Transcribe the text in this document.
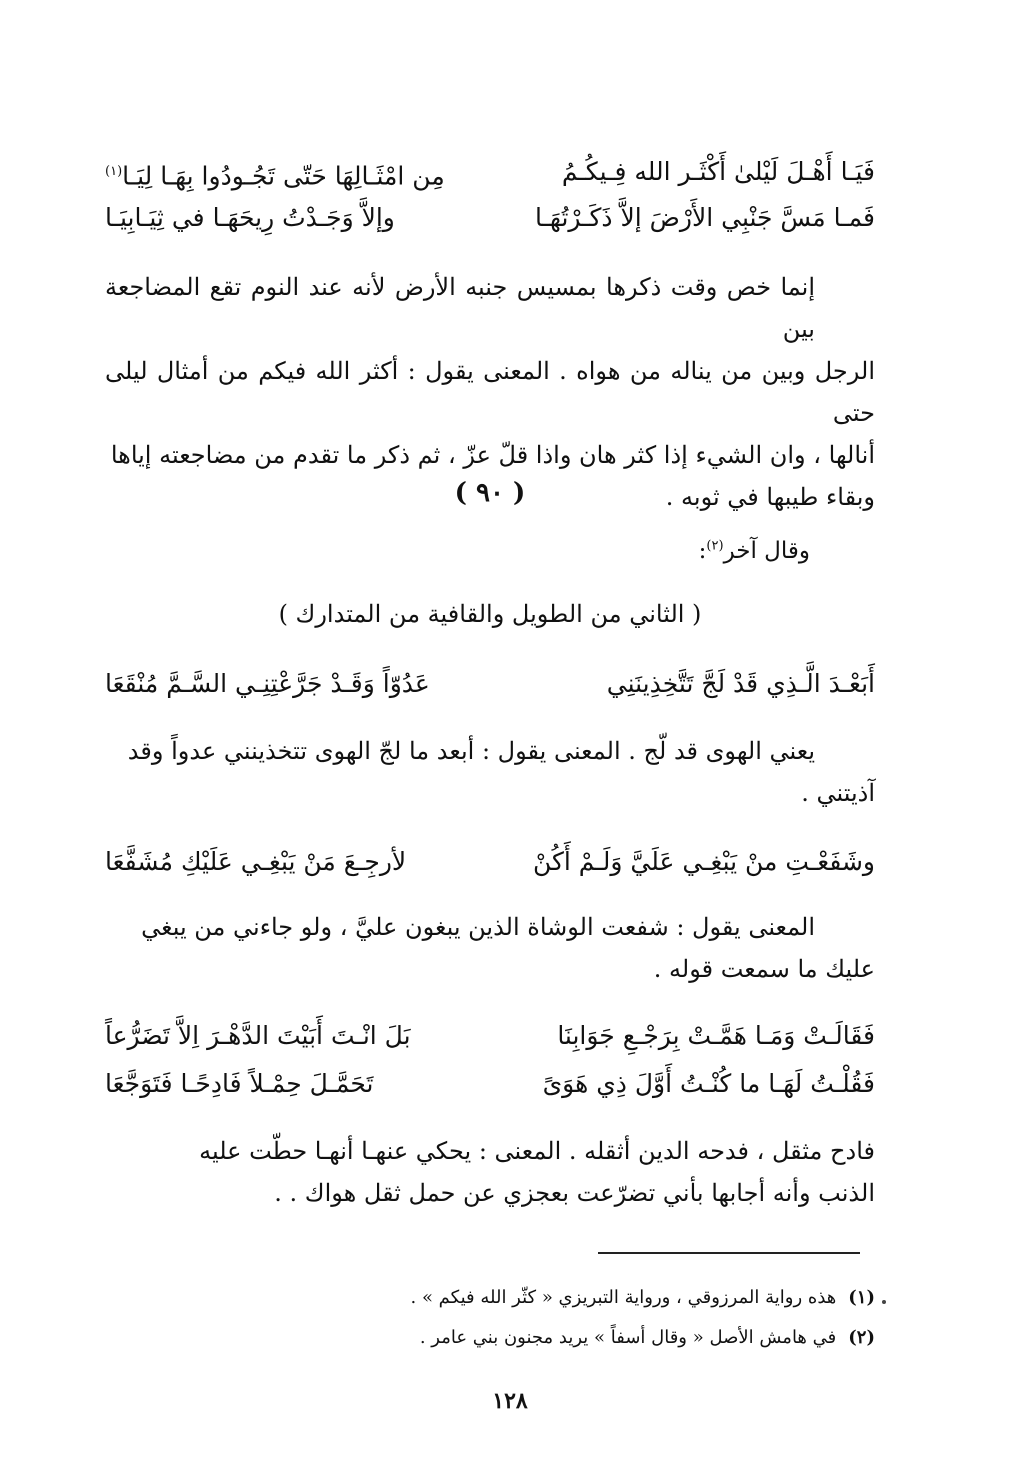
فَيَـا أَهْـلَ لَيْلىٰ أَكْثَـر الله فِـيكُـمُ
مِن امْثَـالِهَا حَتّى تَجُـودُوا بِهَـا لِيَـا$^{(١)}$
فَمـا مَسَّ جَنْبِي الأَرْضَ إلاَّ ذَكَـرْتُهَـا
وإلاَّ وَجَـدْتُ رِيحَهَـا في ثِيَـابِيَـا

إنما خص وقت ذكرها بمسيس جنبه الأرض لأنه عند النوم تقع المضاجعة بين

الرجل وبين من يناله من هواه . المعنى يقول : أكثر الله فيكم من أمثال ليلى حتى

أنالها ، وان الشيء إذا كثر هان واذا قلّ عزّ ، ثم ذكر ما تقدم من مضاجعته إياها

وبقاء طيبها في ثوبه .

( ٩٠ )
وقال آخر$^{(٢)}$:
( الثاني من الطويل والقافية من المتدارك )
أَبَعْـدَ الَّـذِي قَدْ لَجَّ تَتَّخِذِينَنِي
عَدُوّاً وَقَـدْ جَرَّعْتِنِـي السَّـمَّ مُنْقَعَا

يعني الهوى قد لّج . المعنى يقول : أبعد ما لجّ الهوى تتخذينني عدواً وقد

آذيتني .

وشَفَعْـتِ منْ يَبْغِـي عَلَيَّ وَلَـمْ أَكُنْ
لأرجِـعَ مَنْ يَبْغِـي عَلَيْكِ مُشَفَّعَا

المعنى يقول : شفعت الوشاة الذين يبغون عليَّ ، ولو جاءني من يبغي

عليك ما سمعت قوله .

فَقَالَـتْ وَمَـا هَمَّـتْ بِرَجْـعِ جَوَابِنَا
بَلَ انْـتَ أَبَيْتَ الدَّهْـرَ اِلاَّ تَضَرُّعاً
فَقُلْـتُ لَهَـا ما كُنْـتُ أَوَّلَ ذِي هَوَىً
تَحَمَّـلَ حِمْـلاً فَادِحًـا فَتَوَجَّعَا

فادح مثقل ، فدحه الدين أثقله . المعنى : يحكي عنهـا أنهـا حطّت عليه

الذنب وأنه أجابها بأني تضرّعت بعجزي عن حمل ثقل هواك . .

(١)هذه رواية المرزوقي ، ورواية التبريزي « كثّر الله فيكم » .
(٢)في هامش الأصل « وقال أسفاً » يريد مجنون بني عامر .
١٢٨
